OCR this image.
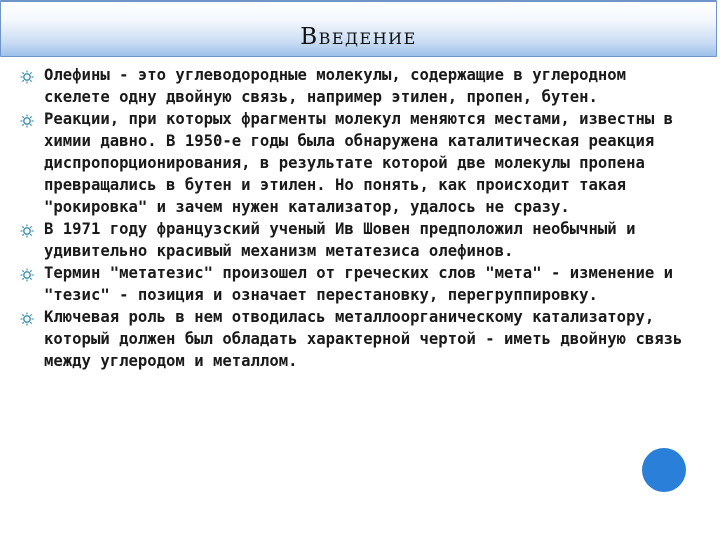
Введение

Олефины - это углеводородные молекулы, содержащие в углеродном скелете одну двойную связь, например этилен, пропен, бутен.

Реакции, при которых фрагменты молекул меняются местами, известны в химии давно. В 1950-е годы была обнаружена каталитическая реакция диспропорционирования, в результате которой две молекулы пропена превращались в бутен и этилен. Но понять, как происходит такая "рокировка" и зачем нужен катализатор, удалось не сразу.

В 1971 году французский ученый Ив Шовен предположил необычный и удивительно красивый механизм метатезиса олефинов.

Термин "метатезис" произошел от греческих слов "мета" - изменение и "тезис" - позиция и означает перестановку, перегруппировку.

Ключевая роль в нем отводилась металлоорганическому катализатору, который должен был обладать характерной чертой - иметь двойную связь между углеродом и металлом.
